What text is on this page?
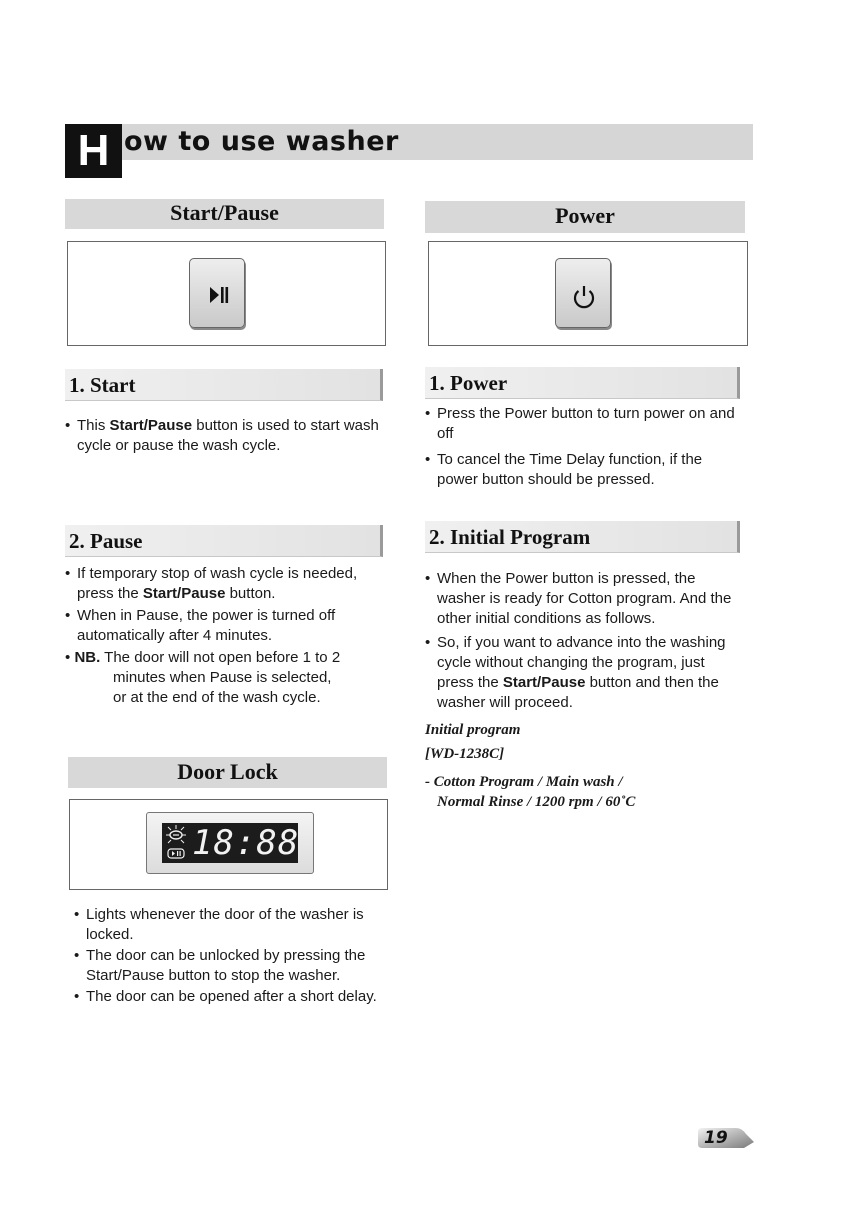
H ow to use washer
Start/Pause	Power
1. Start
• This Start/Pause button is used to start wash cycle or pause the wash cycle.
2. Pause
• If temporary stop of wash cycle is needed, press the Start/Pause button.
• When in Pause, the power is turned off automatically after 4 minutes.
• NB. The door will not open before 1 to 2
minutes when Pause is selected,
or at the end of the wash cycle.
1. Power
• Press the Power button to turn power on and off
• To cancel the Time Delay function, if the power button should be pressed.
2. Initial Program
• When the Power button is pressed, the washer is ready for Cotton program. And the other initial conditions as follows.
• So, if you want to advance into the washing cycle without changing the program, just press the Start/Pause button and then the washer will proceed.
Initial program
[WD-1238C]
- Cotton Program / Main wash /
Normal Rinse / 1200 rpm / 60˚C
Door Lock
18:88
• Lights whenever the door of the washer is locked.
• The door can be unlocked by pressing the Start/Pause button to stop the washer.
• The door can be opened after a short delay.
19
